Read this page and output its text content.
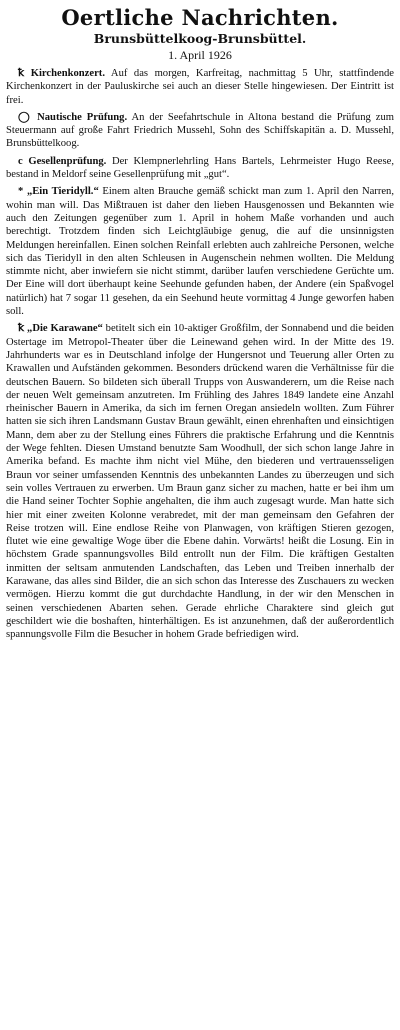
Oertliche Nachrichten.
Brunsbüttelkoog-Brunsbüttel.
1. April 1926

ꝁ Kirchenkonzert. Auf das morgen, Karfreitag, nachmittag 5 Uhr, stattfindende Kirchenkonzert in der Pauluskirche sei auch an dieser Stelle hingewiesen. Der Eintritt ist frei.

◯ Nautische Prüfung. An der Seefahrtschule in Altona bestand die Prüfung zum Steuermann auf große Fahrt Friedrich Mussehl, Sohn des Schiffskapitän a. D. Mussehl, Brunsbüttelkoog.

c Gesellenprüfung. Der Klempnerlehrling Hans Bartels, Lehrmeister Hugo Reese, bestand in Meldorf seine Gesellenprüfung mit „gut“.

* „Ein Tieridyll.“ Einem alten Brauche gemäß schickt man zum 1. April den Narren, wohin man will. Das Mißtrauen ist daher den lieben Hausgenossen und Bekannten wie auch den Zeitungen gegenüber zum 1. April in hohem Maße vorhanden und auch berechtigt. Trotzdem finden sich Leichtgläubige genug, die auf die unsinnigsten Meldungen hereinfallen. Einen solchen Reinfall erlebten auch zahlreiche Personen, welche sich das Tieridyll in den alten Schleusen in Augenschein nehmen wollten. Die Meldung stimmte nicht, aber inwiefern sie nicht stimmt, darüber laufen verschiedene Gerüchte um. Der Eine will dort überhaupt keine Seehunde gefunden haben, der Andere (ein Spaßvogel natürlich) hat 7 sogar 11 gesehen, da ein Seehund heute vormittag 4 Junge geworfen haben soll.

ꝁ „Die Karawane“ betitelt sich ein 10-aktiger Großfilm, der Sonnabend und die beiden Ostertage im Metropol-Theater über die Leinewand gehen wird. In der Mitte des 19. Jahrhunderts war es in Deutschland infolge der Hungersnot und Teuerung aller Orten zu Krawallen und Aufständen gekommen. Besonders drückend waren die Verhältnisse für die deutschen Bauern. So bildeten sich überall Trupps von Auswanderern, um die Reise nach der neuen Welt gemeinsam anzutreten. Im Frühling des Jahres 1849 landete eine Anzahl rheinischer Bauern in Amerika, da sich im fernen Oregan ansiedeln wollten. Zum Führer hatten sie sich ihren Landsmann Gustav Braun gewählt, einen ehrenhaften und einsichtigen Mann, dem aber zu der Stellung eines Führers die praktische Erfahrung und die Kenntnis der Wege fehlten. Diesen Umstand benutzte Sam Woodhull, der sich schon lange Jahre in Amerika befand. Es machte ihm nicht viel Mühe, den biederen und vertrauensseligen Braun vor seiner umfassenden Kenntnis des unbekannten Landes zu überzeugen und sich sein volles Vertrauen zu erwerben. Um Braun ganz sicher zu machen, hatte er bei ihm um die Hand seiner Tochter Sophie angehalten, die ihm auch zugesagt wurde. Man hatte sich hier mit einer zweiten Kolonne verabredet, mit der man gemeinsam den Gefahren der Reise trotzen will. Eine endlose Reihe von Planwagen, von kräftigen Stieren gezogen, flutet wie eine gewaltige Woge über die Ebene dahin. Vorwärts! heißt die Losung. Ein in höchstem Grade spannungsvolles Bild entrollt nun der Film. Die kräftigen Gestalten inmitten der seltsam anmutenden Landschaften, das Leben und Treiben innerhalb der Karawane, das alles sind Bilder, die an sich schon das Interesse des Zuschauers zu wecken vermögen. Hierzu kommt die gut durchdachte Handlung, in der wir den Menschen in seinen verschiedenen Abarten sehen. Gerade ehrliche Charaktere sind gleich gut geschildert wie die boshaften, hinterhältigen. Es ist anzunehmen, daß der außerordentlich spannungsvolle Film die Besucher in hohem Grade befriedigen wird.
